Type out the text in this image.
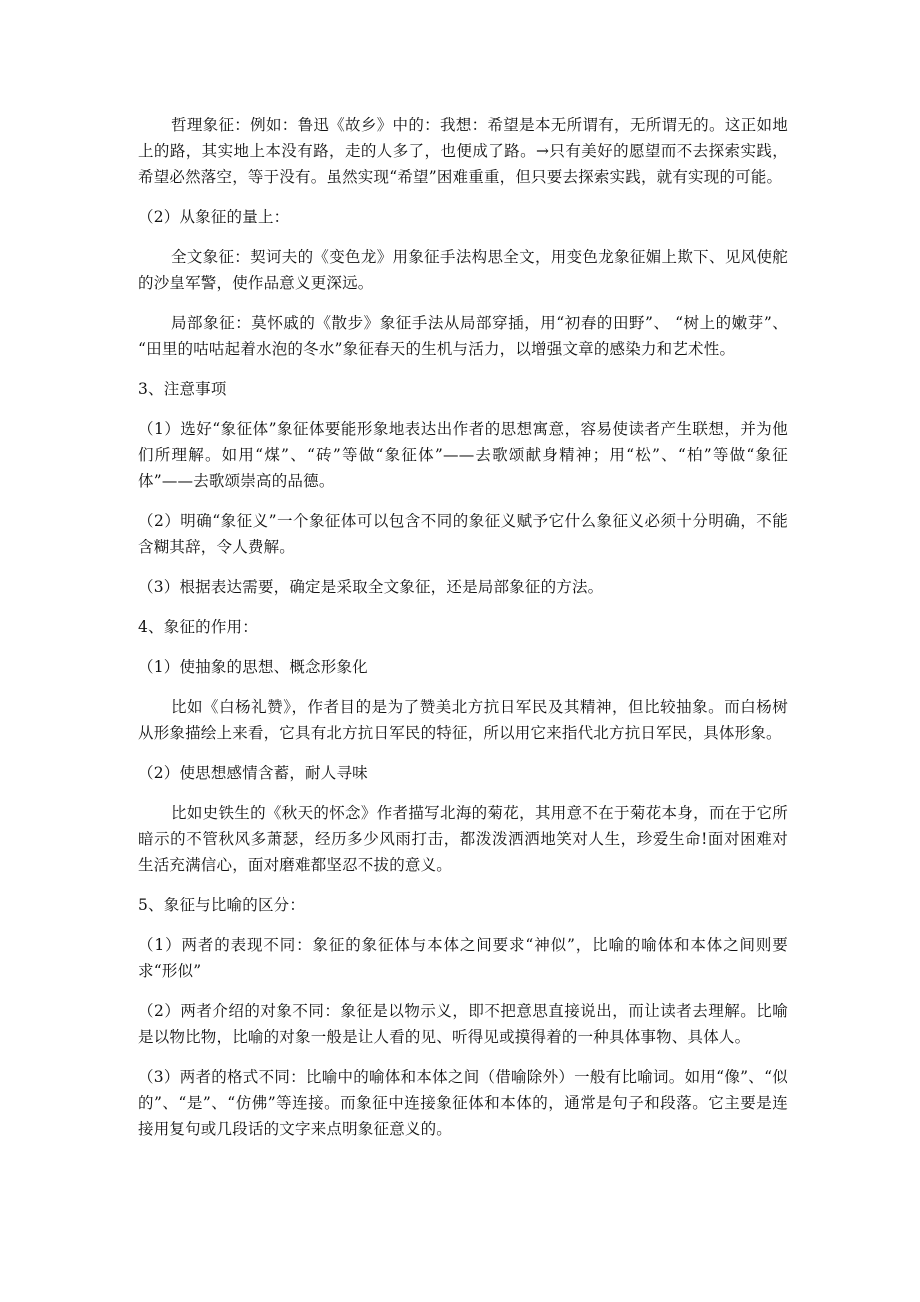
哲理象征：例如：鲁迅《故乡》中的：我想：希望是本无所谓有，无所谓无的。这正如地上的路，其实地上本没有路，走的人多了，也便成了路。→只有美好的愿望而不去探索实践，希望必然落空，等于没有。虽然实现“希望”困难重重，但只要去探索实践，就有实现的可能。

（2）从象征的量上：

全文象征：契诃夫的《变色龙》用象征手法构思全文，用变色龙象征媚上欺下、见风使舵的沙皇军警，使作品意义更深远。

局部象征：莫怀戚的《散步》象征手法从局部穿插，用“初春的田野”、 “树上的嫩芽”、 “田里的咕咕起着水泡的冬水”象征春天的生机与活力，以增强文章的感染力和艺术性。

3、注意事项

（1）选好“象征体”象征体要能形象地表达出作者的思想寓意，容易使读者产生联想，并为他们所理解。如用“煤”、“砖”等做“象征体”——去歌颂献身精神；用“松”、“柏”等做“象征体”——去歌颂崇高的品德。

（2）明确“象征义”一个象征体可以包含不同的象征义赋予它什么象征义必须十分明确，不能含糊其辞，令人费解。

（3）根据表达需要，确定是采取全文象征，还是局部象征的方法。

4、象征的作用：

（1）使抽象的思想、概念形象化

比如《白杨礼赞》，作者目的是为了赞美北方抗日军民及其精神，但比较抽象。而白杨树从形象描绘上来看，它具有北方抗日军民的特征，所以用它来指代北方抗日军民，具体形象。

（2）使思想感情含蓄，耐人寻味

比如史铁生的《秋天的怀念》作者描写北海的菊花，其用意不在于菊花本身，而在于它所暗示的不管秋风多萧瑟，经历多少风雨打击，都泼泼洒洒地笑对人生，珍爱生命!面对困难对生活充满信心，面对磨难都坚忍不拔的意义。

5、象征与比喻的区分：

（1）两者的表现不同：象征的象征体与本体之间要求“神似”，比喻的喻体和本体之间则要求“形似”

（2）两者介绍的对象不同：象征是以物示义，即不把意思直接说出，而让读者去理解。比喻是以物比物，比喻的对象一般是让人看的见、听得见或摸得着的一种具体事物、具体人。

（3）两者的格式不同：比喻中的喻体和本体之间（借喻除外）一般有比喻词。如用“像”、“似的”、“是”、“仿佛”等连接。而象征中连接象征体和本体的，通常是句子和段落。它主要是连接用复句或几段话的文字来点明象征意义的。
